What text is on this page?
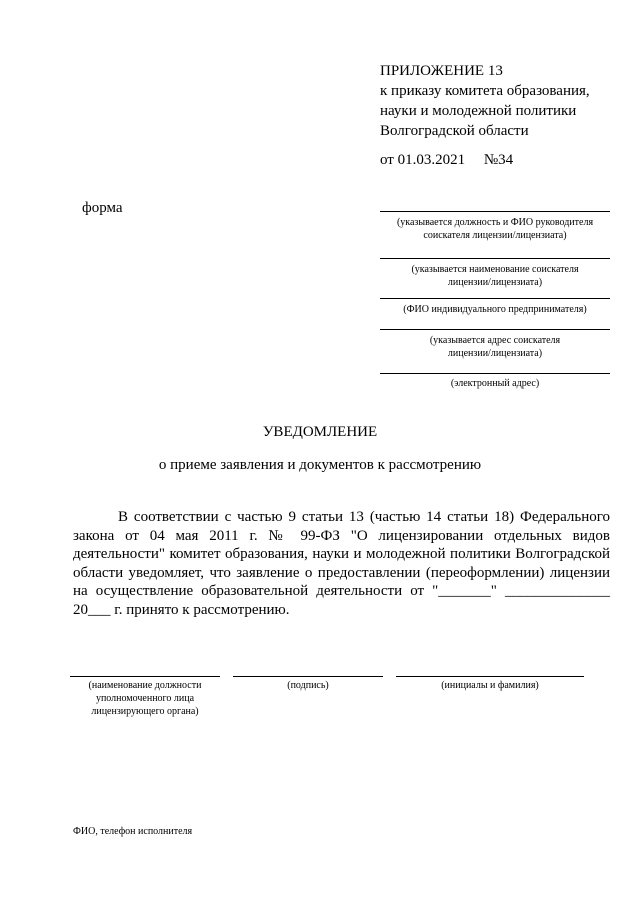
ПРИЛОЖЕНИЕ 13
к приказу комитета образования,
науки и молодежной политики
Волгоградской области
от 01.03.2021     №34
форма
(указывается должность и ФИО руководителя
соискателя лицензии/лицензиата)
(указывается наименование соискателя
лицензии/лицензиата)
(ФИО индивидуального предпринимателя)
(указывается адрес соискателя
лицензии/лицензиата)
(электронный адрес)
УВЕДОМЛЕНИЕ
о приеме заявления и документов к рассмотрению

В соответствии с частью 9 статьи 13 (частью 14 статьи 18) Федерального закона от 04 мая 2011 г. № 99-ФЗ "О лицензировании отдельных видов деятельности" комитет образования, науки и молодежной политики Волгоградской области уведомляет, что заявление о предоставлении (переоформлении) лицензии на осуществление образовательной деятельности от "_______" ______________ 20___ г. принято к рассмотрению.

(наименование должности
уполномоченного лица
лицензирующего органа)
(подпись)	(инициалы и фамилия)
ФИО, телефон исполнителя
